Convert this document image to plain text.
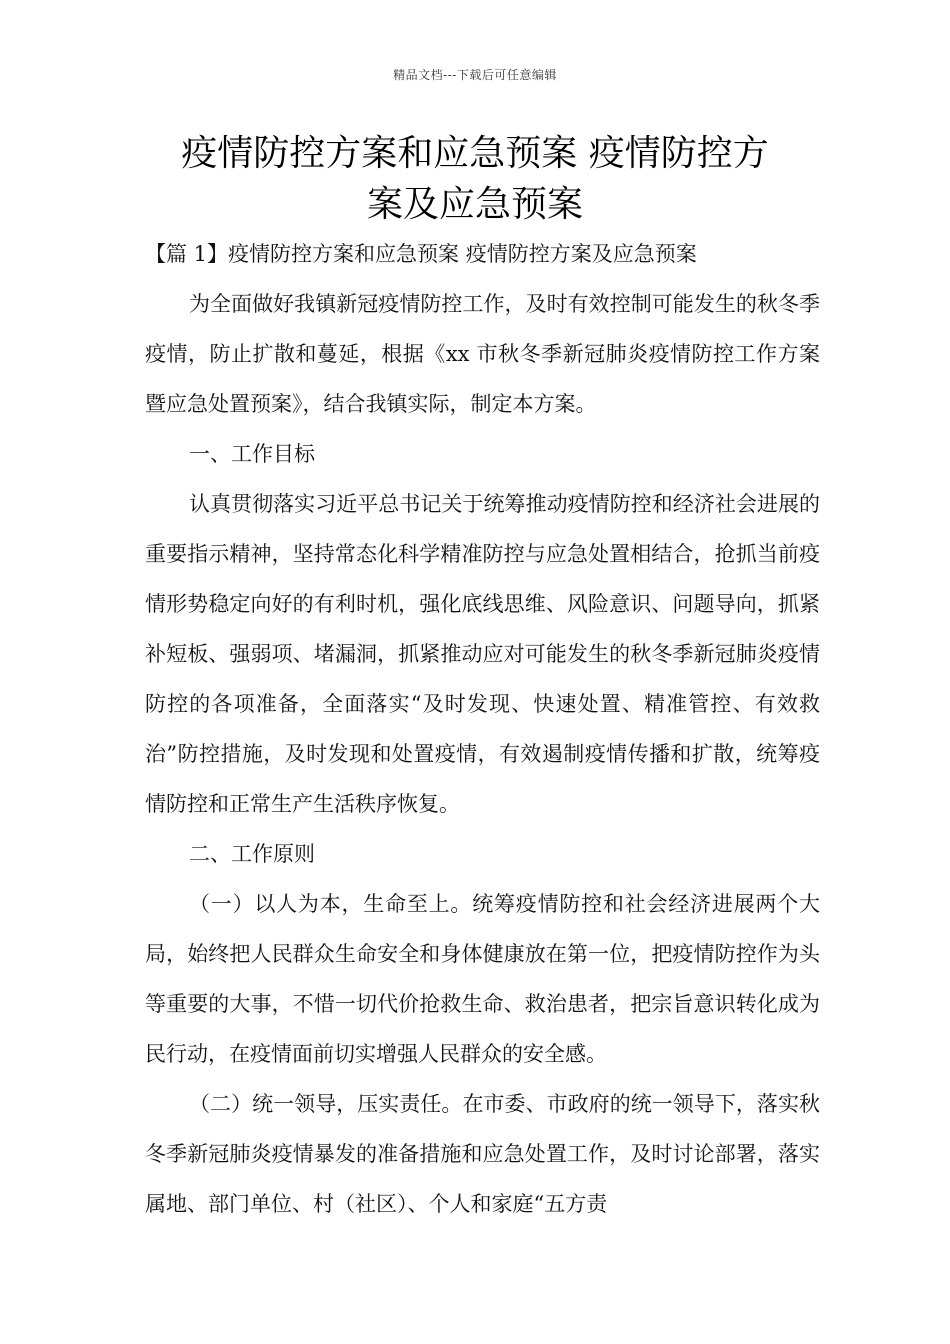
精品文档---下载后可任意编辑
疫情防控方案和应急预案 疫情防控方
案及应急预案

【篇 1】疫情防控方案和应急预案 疫情防控方案及应急预案

为全面做好我镇新冠疫情防控工作，及时有效控制可能发生的秋冬季疫情，防止扩散和蔓延，根据《xx 市秋冬季新冠肺炎疫情防控工作方案暨应急处置预案》，结合我镇实际，制定本方案。

一、工作目标

认真贯彻落实习近平总书记关于统筹推动疫情防控和经济社会进展的重要指示精神，坚持常态化科学精准防控与应急处置相结合，抢抓当前疫情形势稳定向好的有利时机，强化底线思维、风险意识、问题导向，抓紧补短板、强弱项、堵漏洞，抓紧推动应对可能发生的秋冬季新冠肺炎疫情防控的各项准备，全面落实“及时发现、快速处置、精准管控、有效救治”防控措施，及时发现和处置疫情，有效遏制疫情传播和扩散，统筹疫情防控和正常生产生活秩序恢复。

二、工作原则

（一）以人为本，生命至上。统筹疫情防控和社会经济进展两个大局，始终把人民群众生命安全和身体健康放在第一位，把疫情防控作为头等重要的大事，不惜一切代价抢救生命、救治患者，把宗旨意识转化成为民行动，在疫情面前切实增强人民群众的安全感。

（二）统一领导，压实责任。在市委、市政府的统一领导下，落实秋冬季新冠肺炎疫情暴发的准备措施和应急处置工作，及时讨论部署，落实属地、部门单位、村（社区）、个人和家庭“五方责
